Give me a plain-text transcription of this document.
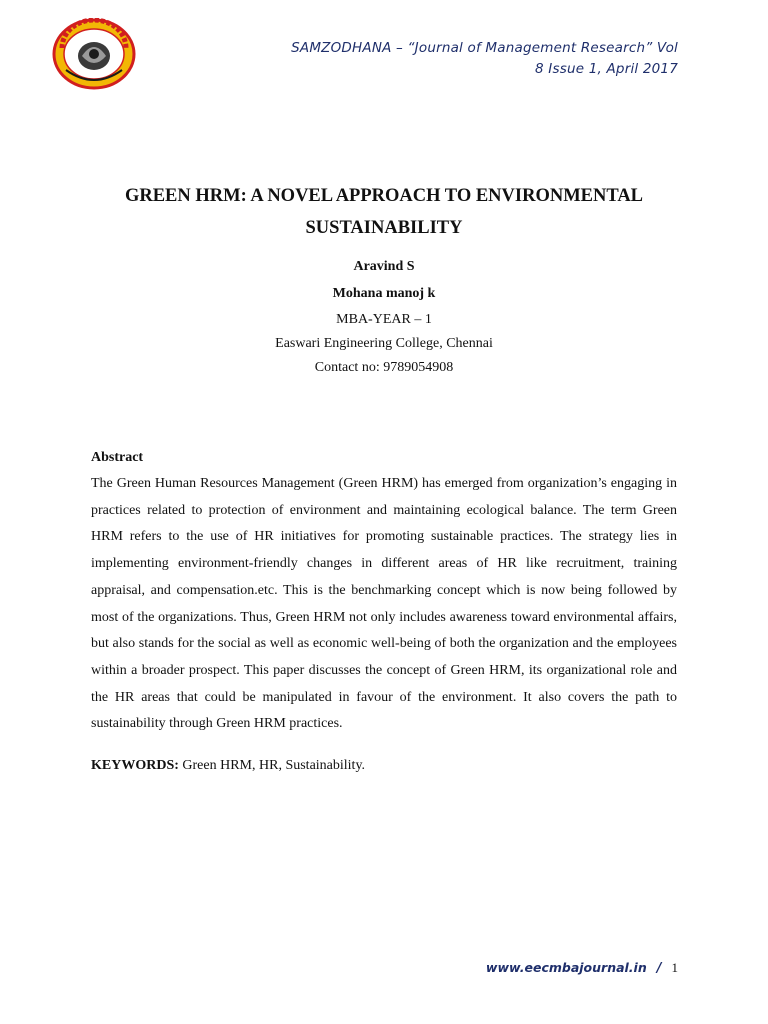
SAMZODHANA – “Journal of Management Research” Vol
8 Issue 1, April 2017
GREEN HRM: A NOVEL APPROACH TO ENVIRONMENTAL
SUSTAINABILITY
Aravind S
Mohana manoj k
MBA-YEAR – 1
Easwari Engineering College, Chennai
Contact no: 9789054908
Abstract
The Green Human Resources Management (Green HRM) has emerged from organization’s engaging in practices related to protection of environment and maintaining ecological balance. The term Green HRM refers to the use of HR initiatives for promoting sustainable practices. The strategy lies in implementing environment-friendly changes in different areas of HR like recruitment, training appraisal, and compensation.etc. This is the benchmarking concept which is now being followed by most of the organizations. Thus, Green HRM not only includes awareness toward environmental affairs, but also stands for the social as well as economic well-being of both the organization and the employees within a broader prospect. This paper discusses the concept of Green HRM, its organizational role and the HR areas that could be manipulated in favour of the environment. It also covers the path to sustainability through Green HRM practices.
KEYWORDS: Green HRM, HR, Sustainability.
www.eecmbajournal.in / 1
